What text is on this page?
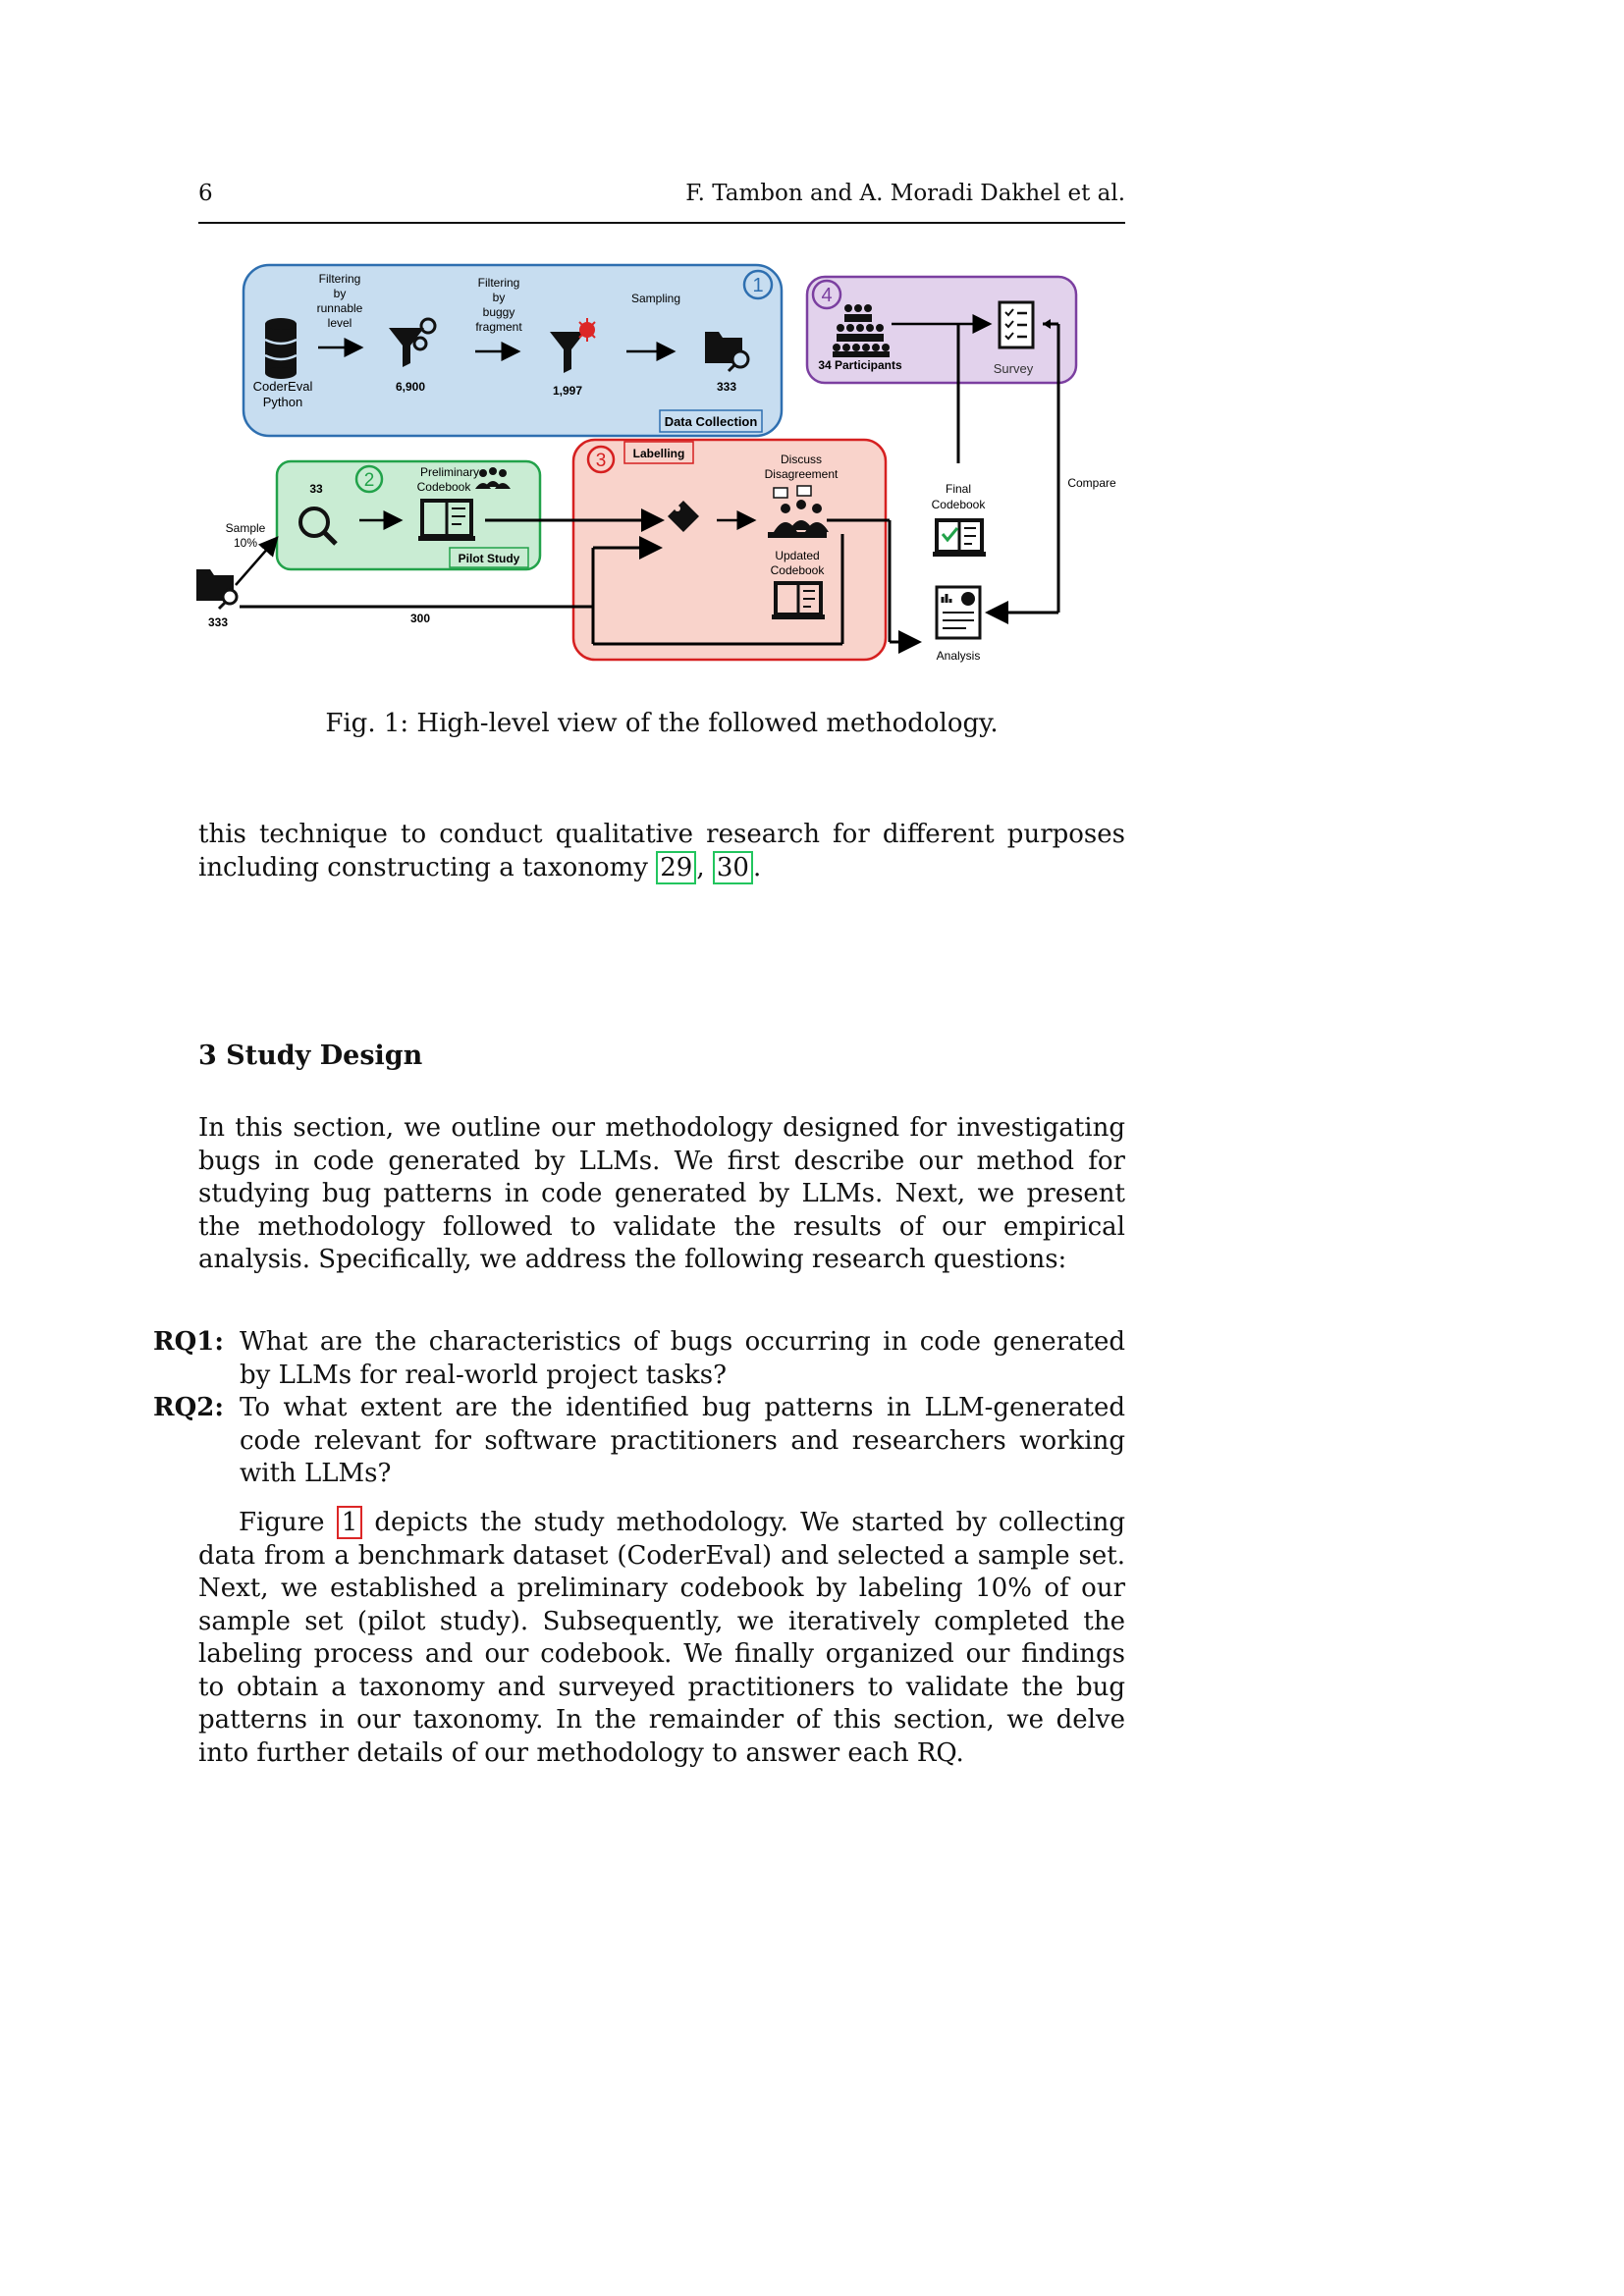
6	F. Tambon and A. Moradi Dakhel et al.
1
Data Collection
CoderEval
Python
Filtering
by
runnable
level
6,900
Filtering
by
buggy
fragment
1,997
Sampling
333
4
34 Participants	Survey
2
33
Preliminary
Codebook
Pilot Study
3 Labelling	Discuss
Disagreement
Updated
Codebook
Sample
10%
333	300
Final
Codebook
Compare
Analysis
Fig. 1: High-level view of the followed methodology.
this technique to conduct qualitative research for different purposes including constructing a taxonomy 29 , 30 .
3 Study Design
In this section, we outline our methodology designed for investigating bugs in code generated by LLMs. We first describe our method for studying bug patterns in code generated by LLMs. Next, we present the methodology followed to validate the results of our empirical analysis. Specifically, we address the following research questions:
RQ1: What are the characteristics of bugs occurring in code generated by LLMs for real-world project tasks?
RQ2: To what extent are the identified bug patterns in LLM-generated code relevant for software practitioners and researchers working with LLMs?
Figure 1 depicts the study methodology. We started by collecting data from a benchmark dataset (CoderEval) and selected a sample set. Next, we established a preliminary codebook by labeling 10% of our sample set (pilot study). Subsequently, we iteratively completed the labeling process and our codebook. We finally organized our findings to obtain a taxonomy and surveyed practitioners to validate the bug patterns in our taxonomy. In the remainder of this section, we delve into further details of our methodology to answer each RQ.
